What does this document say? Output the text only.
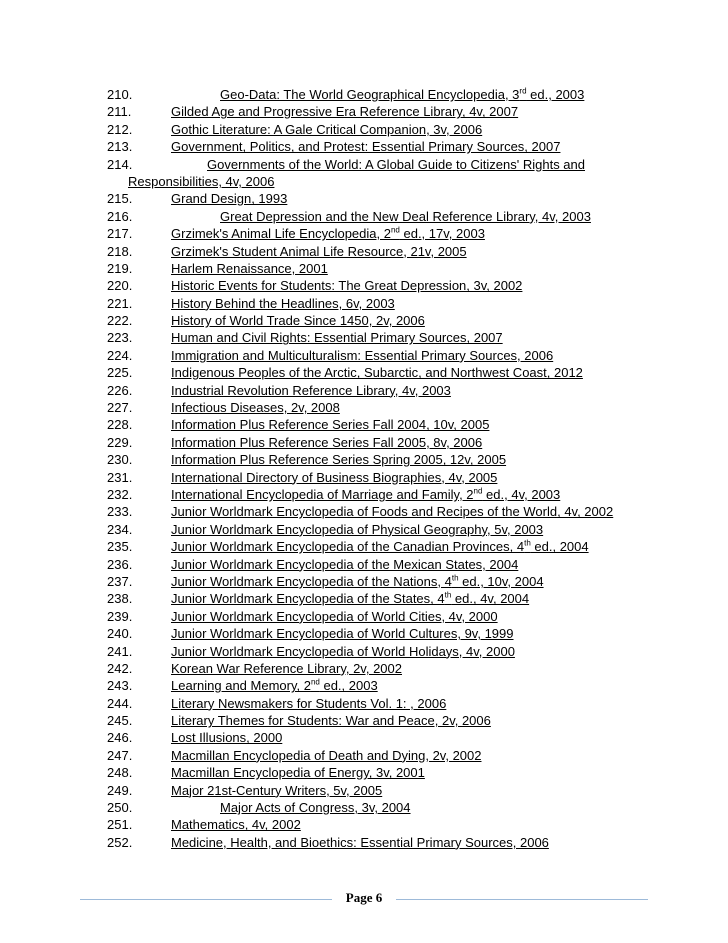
210.	Geo-Data: The World Geographical Encyclopedia, 3rd ed., 2003
211.	Gilded Age and Progressive Era Reference Library, 4v, 2007
212.	Gothic Literature: A Gale Critical Companion, 3v, 2006
213.	Government, Politics, and Protest: Essential Primary Sources, 2007
214.	Governments of the World: A Global Guide to Citizens' Rights and
Responsibilities, 4v, 2006
215.	Grand Design, 1993
216.	Great Depression and the New Deal Reference Library, 4v, 2003
217.	Grzimek's Animal Life Encyclopedia, 2nd ed., 17v, 2003
218.	Grzimek's Student Animal Life Resource, 21v, 2005
219.	Harlem Renaissance, 2001
220.	Historic Events for Students: The Great Depression, 3v, 2002
221.	History Behind the Headlines, 6v, 2003
222.	History of World Trade Since 1450, 2v, 2006
223.	Human and Civil Rights: Essential Primary Sources, 2007
224.	Immigration and Multiculturalism: Essential Primary Sources, 2006
225.	Indigenous Peoples of the Arctic, Subarctic, and Northwest Coast, 2012
226.	Industrial Revolution Reference Library, 4v, 2003
227.	Infectious Diseases, 2v, 2008
228.	Information Plus Reference Series Fall 2004, 10v, 2005
229.	Information Plus Reference Series Fall 2005, 8v, 2006
230.	Information Plus Reference Series Spring 2005, 12v, 2005
231.	International Directory of Business Biographies, 4v, 2005
232.	International Encyclopedia of Marriage and Family, 2nd ed., 4v, 2003
233.	Junior Worldmark Encyclopedia of Foods and Recipes of the World, 4v, 2002
234.	Junior Worldmark Encyclopedia of Physical Geography, 5v, 2003
235.	Junior Worldmark Encyclopedia of the Canadian Provinces, 4th ed., 2004
236.	Junior Worldmark Encyclopedia of the Mexican States, 2004
237.	Junior Worldmark Encyclopedia of the Nations, 4th ed., 10v, 2004
238.	Junior Worldmark Encyclopedia of the States, 4th ed., 4v, 2004
239.	Junior Worldmark Encyclopedia of World Cities, 4v, 2000
240.	Junior Worldmark Encyclopedia of World Cultures, 9v, 1999
241.	Junior Worldmark Encyclopedia of World Holidays, 4v, 2000
242.	Korean War Reference Library, 2v, 2002
243.	Learning and Memory, 2nd ed., 2003
244.	Literary Newsmakers for Students Vol. 1: , 2006
245.	Literary Themes for Students: War and Peace, 2v, 2006
246.	Lost Illusions, 2000
247.	Macmillan Encyclopedia of Death and Dying, 2v, 2002
248.	Macmillan Encyclopedia of Energy, 3v, 2001
249.	Major 21st-Century Writers, 5v, 2005
250.	Major Acts of Congress, 3v, 2004
251.	Mathematics, 4v, 2002
252.	Medicine, Health, and Bioethics: Essential Primary Sources, 2006
Page 6
